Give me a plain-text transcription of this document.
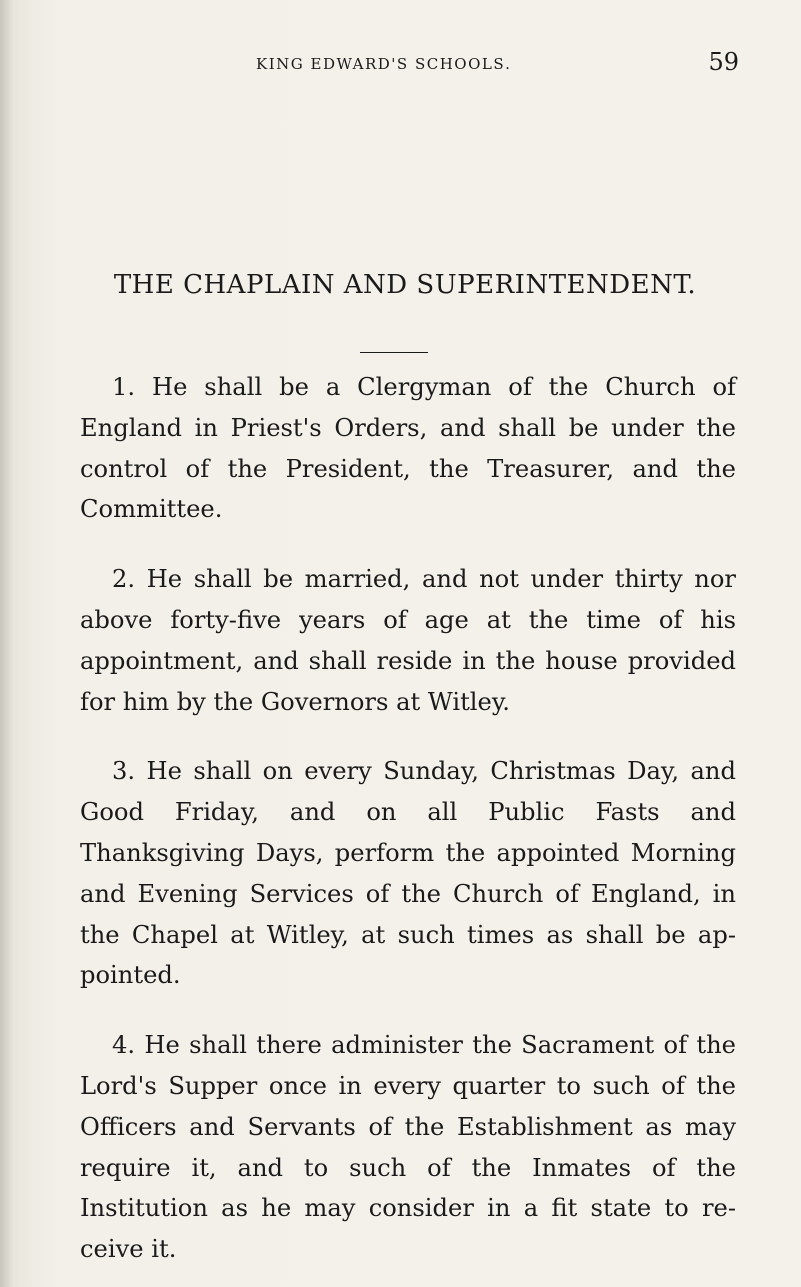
king edward's schools.	59
THE CHAPLAIN AND SUPERINTENDENT.

1. He shall be a Clergyman of the Church of England in Priest's Orders, and shall be under the control of the President, the Treasurer, and the Committee.

2. He shall be married, and not under thirty nor above forty-five years of age at the time of his appointment, and shall reside in the house provided for him by the Governors at Witley.

3. He shall on every Sunday, Christmas Day, and Good Friday, and on all Public Fasts and Thanksgiving Days, perform the appointed Morning and Evening Services of the Church of England, in the Chapel at Witley, at such times as shall be ap- pointed.

4. He shall there administer the Sacrament of the Lord's Supper once in every quarter to such of the Officers and Servants of the Establishment as may require it, and to such of the Inmates of the Institution as he may consider in a fit state to re- ceive it.
